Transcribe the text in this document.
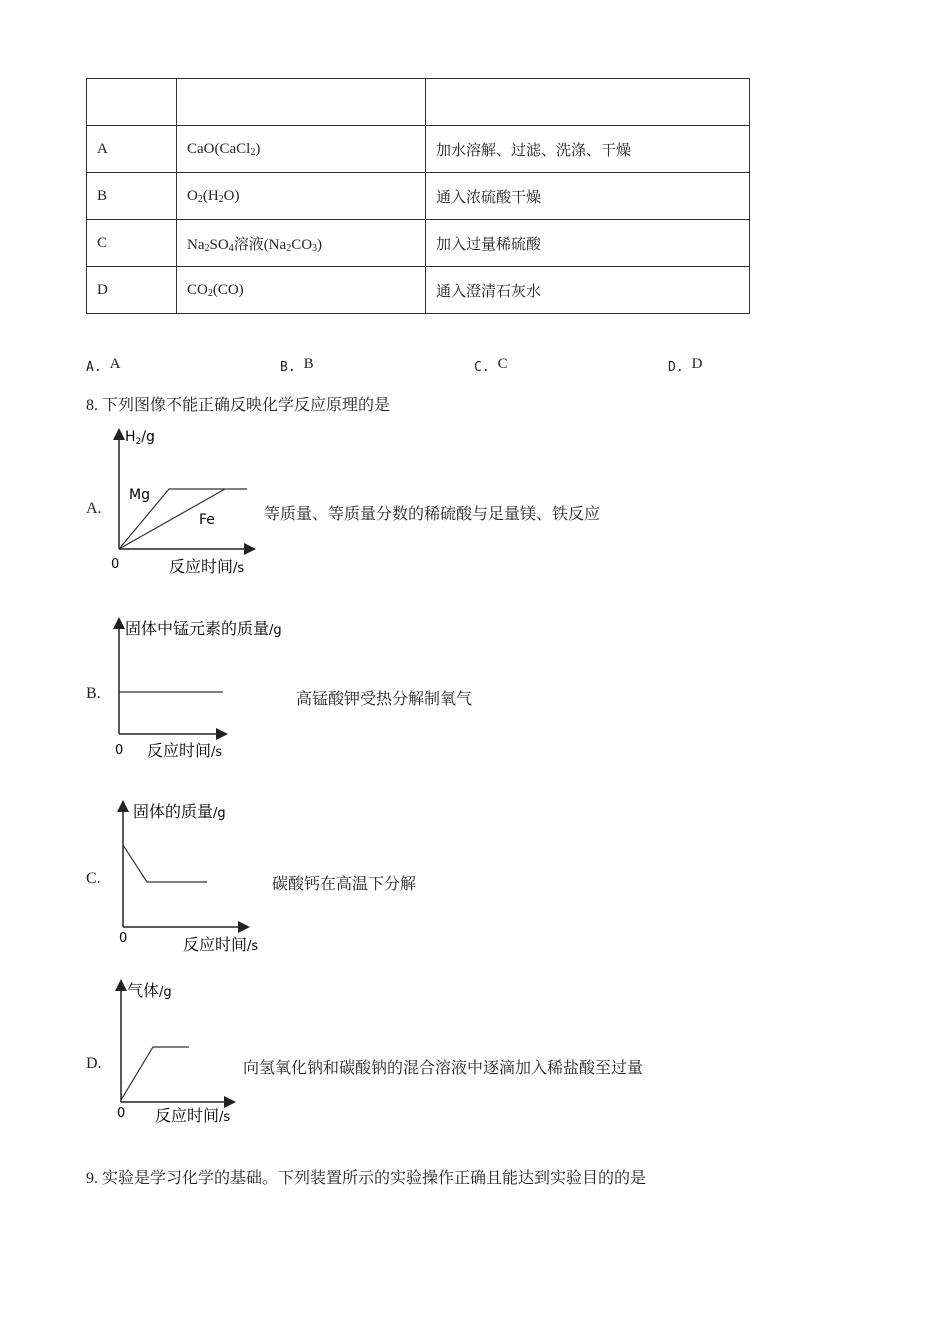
A	CaO(CaCl$_2$)	加水溶解、过滤、洗涤、干燥
B	$O_2(H_2O)$	通入浓硫酸干燥
C	$Na_2SO_4$溶液$(Na_2CO_3)$	加入过量稀硫酸
D	$CO_2(CO)$	通入澄清石灰水
A. A	B. B	C. C	D. D
8. 下列图像不能正确反映化学反应原理的是
A.
$H_2/g$
Mg
Fe
0	反应时间/s
等质量、等质量分数的稀硫酸与足量镁、铁反应
B.
固体中锰元素的质量/g
0 反应时间/s
高锰酸钾受热分解制氧气
C.
固体的质量/g
0	反应时间/s
碳酸钙在高温下分解
D.
气体/g
0 反应时间/s
向氢氧化钠和碳酸钠的混合溶液中逐滴加入稀盐酸至过量
9. 实验是学习化学的基础。下列装置所示的实验操作正确且能达到实验目的的是
